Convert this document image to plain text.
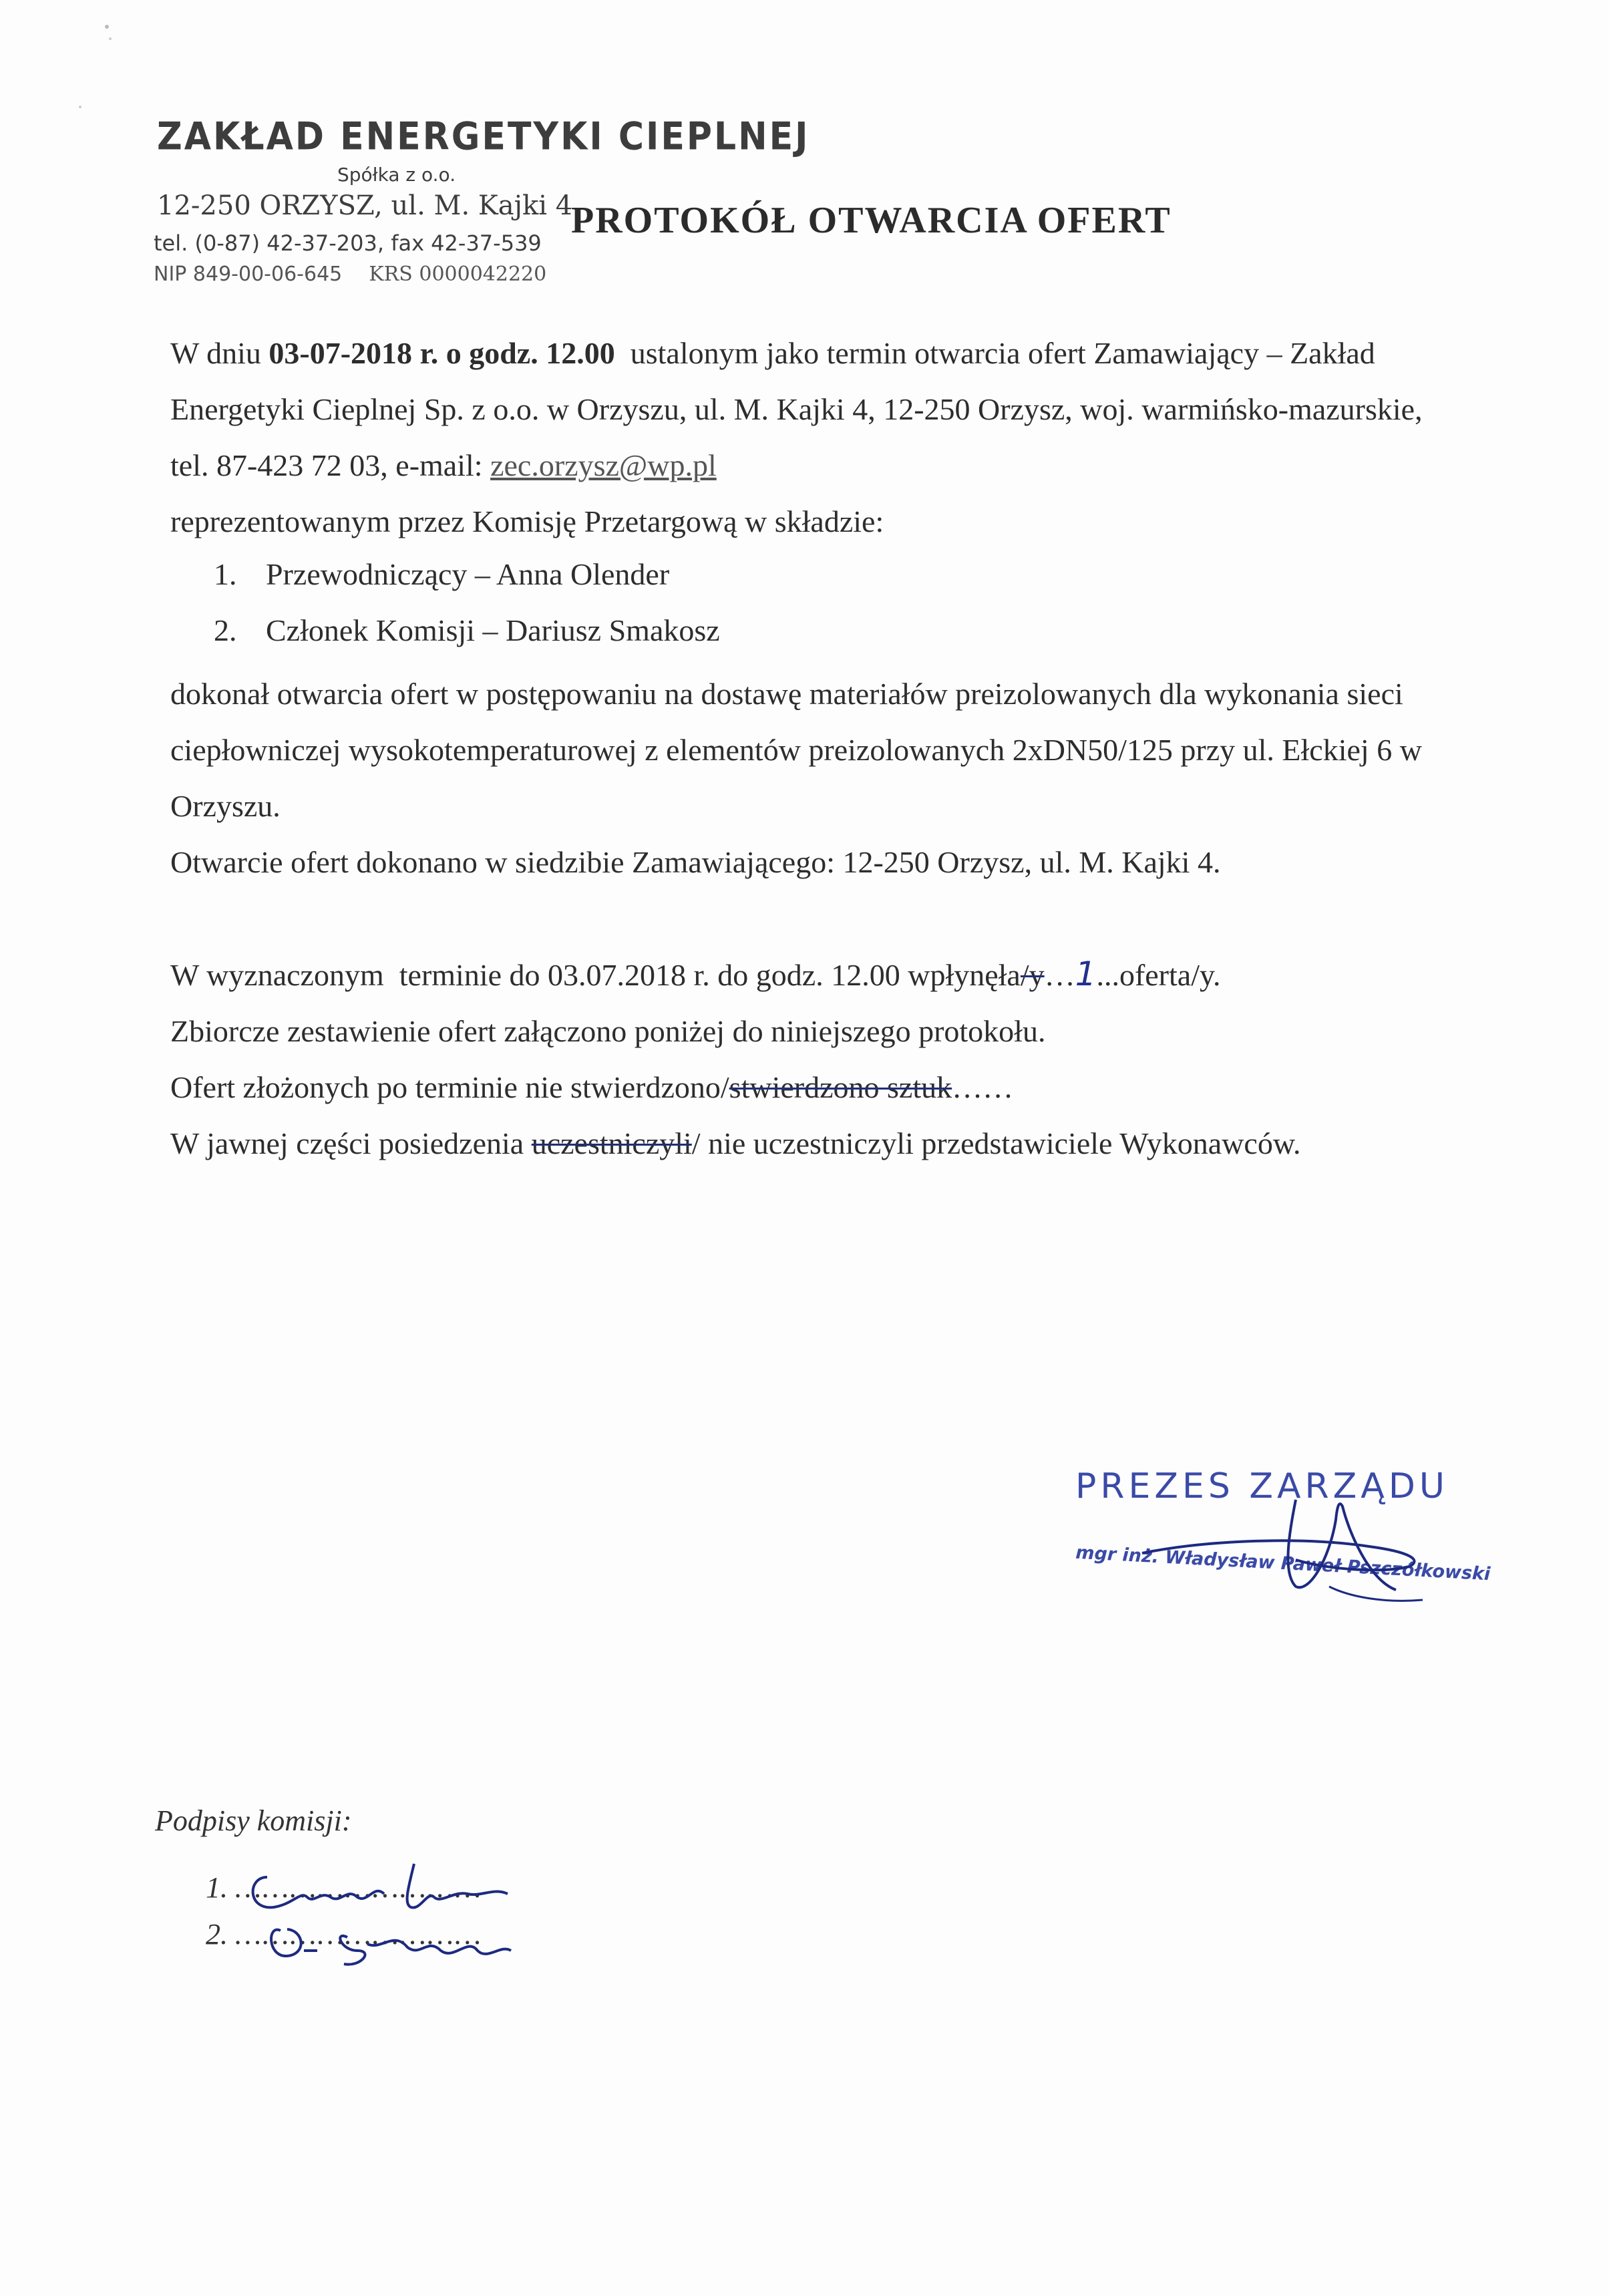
ZAKŁAD ENERGETYKI CIEPLNEJ
Spółka z o.o.
12-250 ORZYSZ, ul. M. Kajki 4
tel. (0-87) 42-37-203, fax 42-37-539
NIP 849-00-06-645 KRS 0000042220
PROTOKÓŁ OTWARCIA OFERT
W dniu 03-07-2018 r. o godz. 12.00  ustalonym jako termin otwarcia ofert Zamawiający – Zakład
Energetyki Cieplnej Sp. z o.o. w Orzyszu, ul. M. Kajki 4, 12-250 Orzysz, woj. warmińsko-mazurskie,
tel. 87-423 72 03, e-mail: zec.orzysz@wp.pl
reprezentowanym przez Komisję Przetargową w składzie:
1. Przewodniczący – Anna Olender
2. Członek Komisji – Dariusz Smakosz
dokonał otwarcia ofert w postępowaniu na dostawę materiałów preizolowanych dla wykonania sieci
ciepłowniczej wysokotemperaturowej z elementów preizolowanych 2xDN50/125 przy ul. Ełckiej 6 w
Orzyszu.
Otwarcie ofert dokonano w siedzibie Zamawiającego: 12-250 Orzysz, ul. M. Kajki 4.
W wyznaczonym  terminie do 03.07.2018 r. do godz. 12.00 wpłynęła/y…1...oferta/y.
Zbiorcze zestawienie ofert załączono poniżej do niniejszego protokołu.
Ofert złożonych po terminie nie stwierdzono/stwierdzono sztuk……
W jawnej części posiedzenia uczestniczyli/ nie uczestniczyli przedstawiciele Wykonawców.
PREZES ZARZĄDU
mgr inż. Władysław Paweł Pszczółkowski
Podpisy komisji:
1. ………………………
2. ………………………
